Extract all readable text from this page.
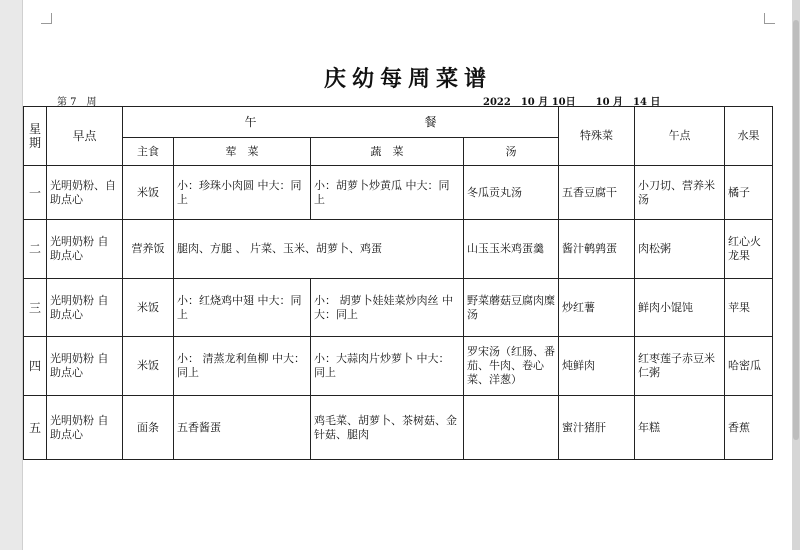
庆幼每周菜谱
第 7　周	2022　10 月 10日　　10 月　14 日
星期	早点	午　　　　　　　　　　　　　　餐				特殊菜	午点	水果
		主食	荤　菜	蔬　菜	汤			
一	光明奶粉、自助点心	米饭	小：珍珠小肉圆 中大：同上	小：胡萝卜炒黄瓜 中大：同上	冬瓜贡丸汤	五香豆腐干	小刀切、营养米汤	橘子
二	光明奶粉 自助点心	营养饭	腿肉、方腿 、 片菜、玉米、胡萝卜、鸡蛋		山玉玉米鸡蛋羹	酱汁鹌鹑蛋	肉松粥	红心火龙果
三	光明奶粉 自助点心	米饭	小：红烧鸡中翅 中大：同上	小： 胡萝卜娃娃菜炒肉丝 中大：同上	野菜蘑菇豆腐肉糜汤	炒红薯	鲜肉小馄饨	苹果
四	光明奶粉 自助点心	米饭	小： 清蒸龙利鱼柳 中大：同上	小：大蒜肉片炒萝卜 中大：同上	罗宋汤（红肠、番茄、牛肉、卷心菜、洋葱）	炖鲜肉	红枣莲子赤豆米仁粥	哈密瓜
五	光明奶粉 自助点心	面条	五香酱蛋	鸡毛菜、胡萝卜、茶树菇、金针菇、腿肉		蜜汁猪肝	年糕	香蕉
